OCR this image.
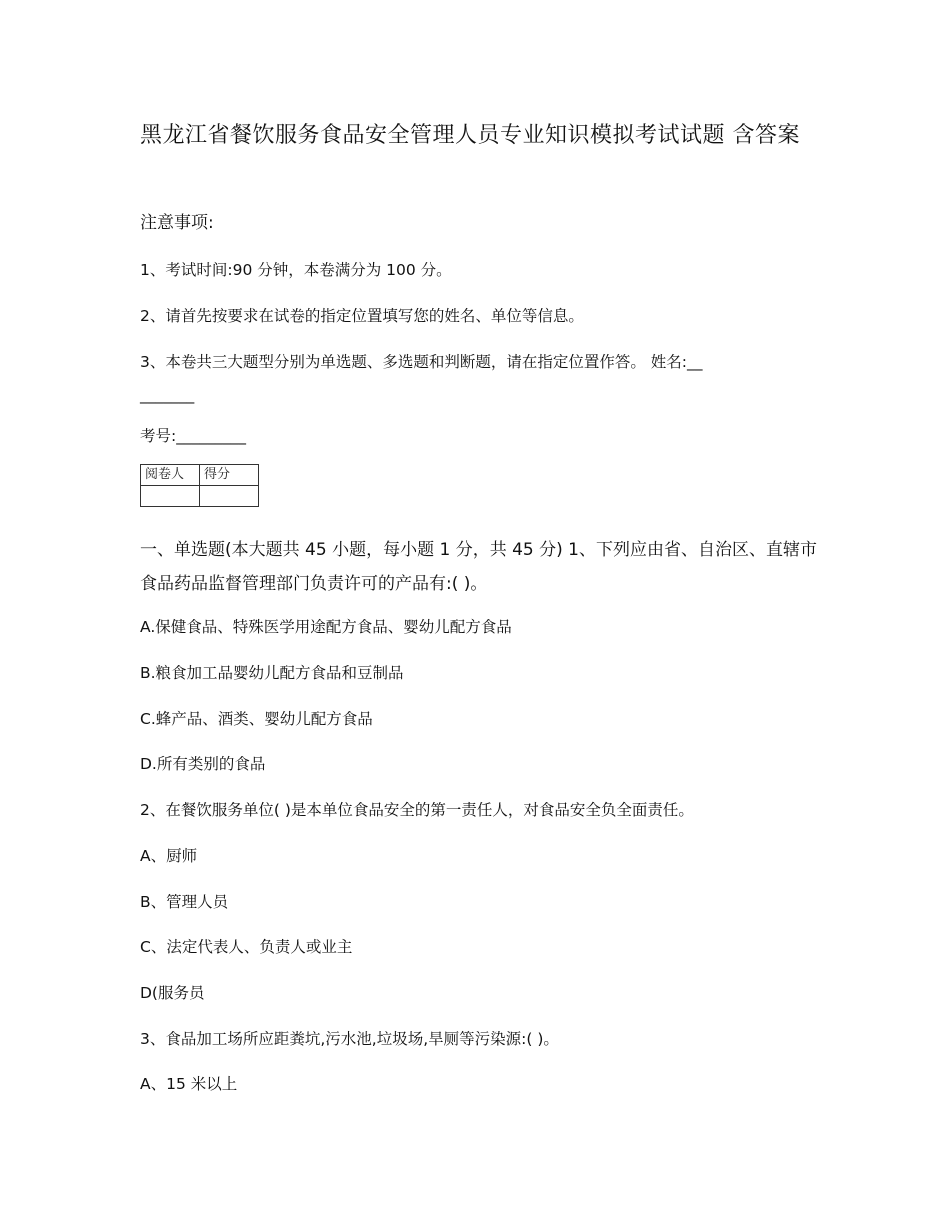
黑龙江省餐饮服务食品安全管理人员专业知识模拟考试试题 含答案

注意事项:

1、考试时间:90 分钟，本卷满分为 100 分。

2、请首先按要求在试卷的指定位置填写您的姓名、单位等信息。

3、本卷共三大题型分别为单选题、多选题和判断题，请在指定位置作答。 姓名:__

_______

考号:_________

阅卷人	得分

一、单选题(本大题共 45 小题，每小题 1 分，共 45 分) 1、下列应由省、自治区、直辖市食品药品监督管理部门负责许可的产品有:( )。

A.保健食品、特殊医学用途配方食品、婴幼儿配方食品

B.粮食加工品婴幼儿配方食品和豆制品

C.蜂产品、酒类、婴幼儿配方食品

D.所有类别的食品

2、在餐饮服务单位( )是本单位食品安全的第一责任人，对食品安全负全面责任。

A、厨师

B、管理人员

C、法定代表人、负责人或业主

D(服务员

3、食品加工场所应距粪坑,污水池,垃圾场,旱厕等污染源:( )。

A、15 米以上
